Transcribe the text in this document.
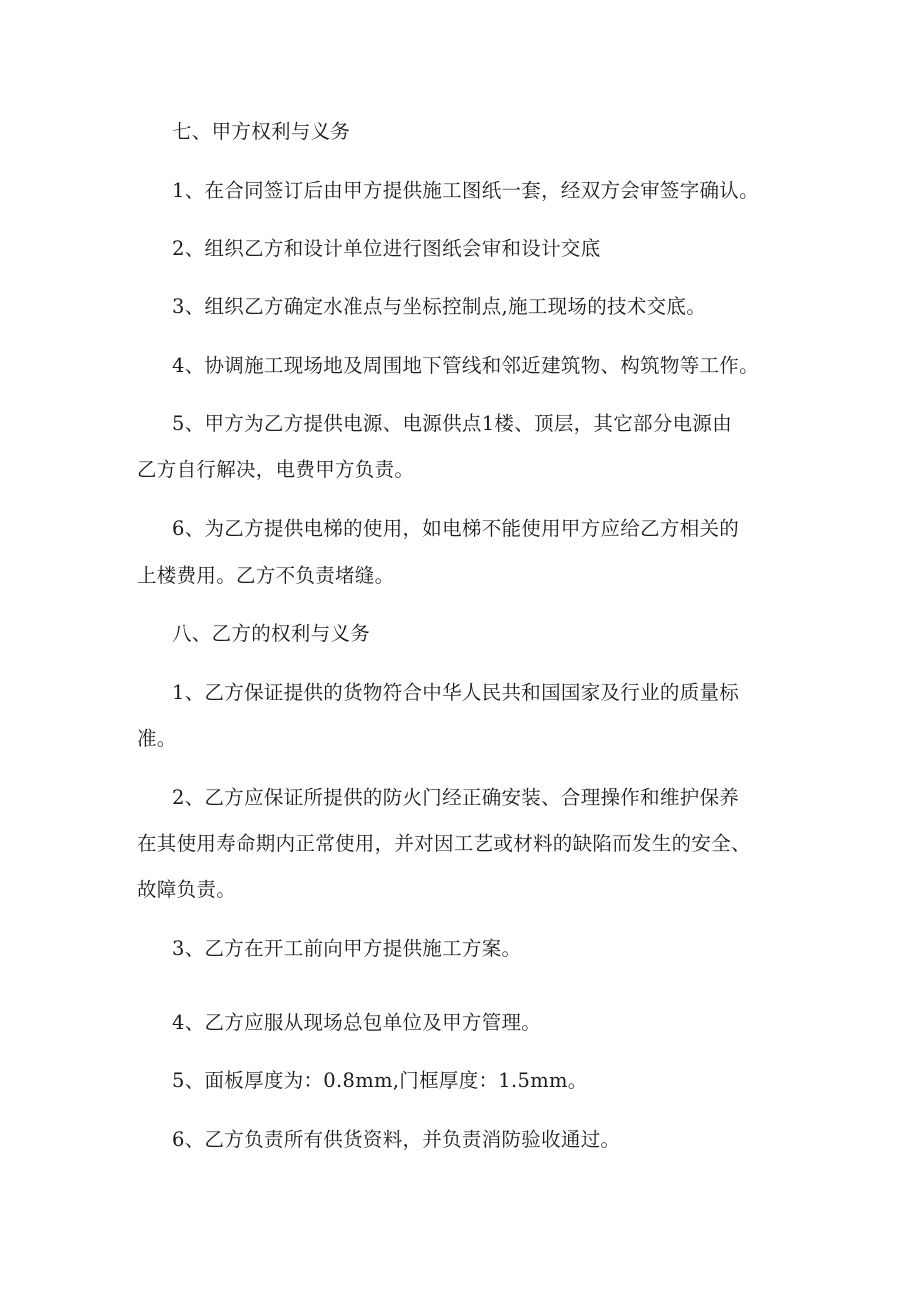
七、甲方权利与义务
1、在合同签订后由甲方提供施工图纸一套，经双方会审签字确认。
2、组织乙方和设计单位进行图纸会审和设计交底
3、组织乙方确定水准点与坐标控制点,施工现场的技术交底。
4、协调施工现场地及周围地下管线和邻近建筑物、构筑物等工作。
5、甲方为乙方提供电源、电源供点1楼、顶层，其它部分电源由
乙方自行解决，电费甲方负责。
6、为乙方提供电梯的使用，如电梯不能使用甲方应给乙方相关的
上楼费用。乙方不负责堵缝。
八、乙方的权利与义务
1、乙方保证提供的货物符合中华人民共和国国家及行业的质量标
准。
2、乙方应保证所提供的防火门经正确安装、合理操作和维护保养
在其使用寿命期内正常使用，并对因工艺或材料的缺陷而发生的安全、
故障负责。
3、乙方在开工前向甲方提供施工方案。
4、乙方应服从现场总包单位及甲方管理。
5、面板厚度为：0.8mm,门框厚度：1.5mm。
6、乙方负责所有供货资料，并负责消防验收通过。
